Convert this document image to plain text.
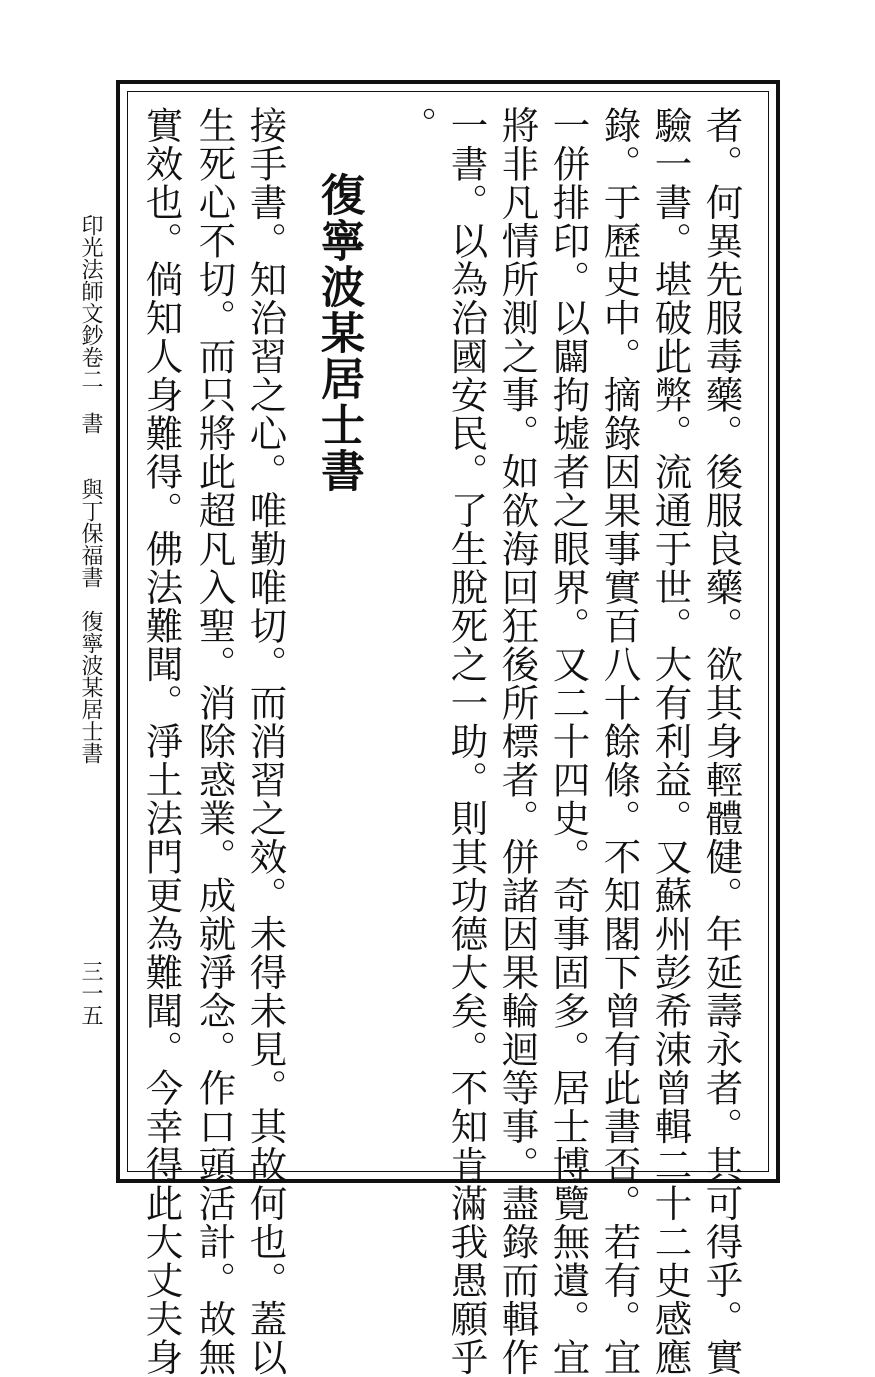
者。何異先服毒藥。後服良藥。欲其身輕體健。年延壽永者。其可得乎。實
驗一書。堪破此弊。流通于世。大有利益。又蘇州彭希涑曾輯二十二史感應
錄。于歷史中。摘錄因果事實百八十餘條。不知閣下曾有此書否。若有。宜
一併排印。以闢拘墟者之眼界。又二十四史。奇事固多。居士博覽無遺。宜
將非凡情所測之事。如欲海回狂後所標者。併諸因果輪迴等事。盡錄而輯作
一書。以為治國安民。了生脫死之一助。則其功德大矣。不知肯滿我愚願乎
。
復寧波某居士書
接手書。知治習之心。唯勤唯切。而消習之效。未得未見。其故何也。蓋以
生死心不切。而只將此超凡入聖。消除惑業。成就淨念。作口頭活計。故無
實效也。倘知人身難得。佛法難聞。淨土法門更為難聞。今幸得此大丈夫身
印光法師文鈔卷二　書　　與丁保福書　復寧波某居士書
三一五
